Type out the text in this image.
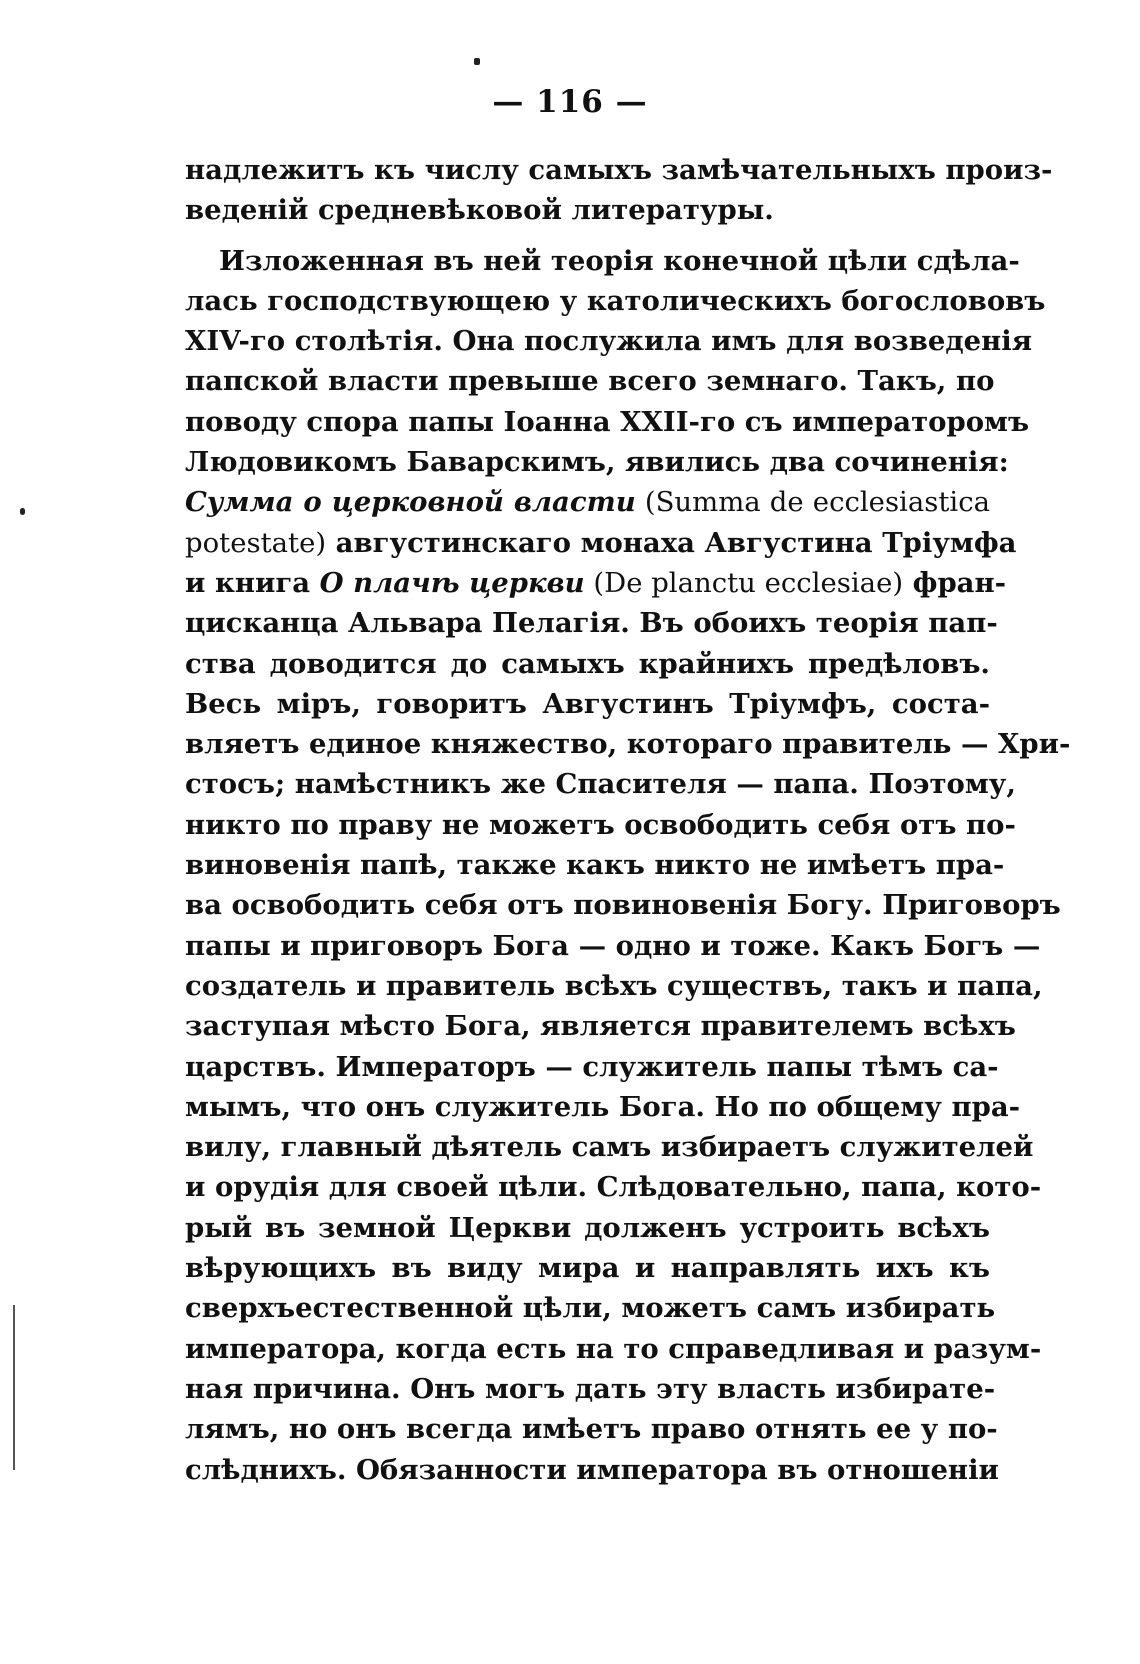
— 116 —
надлежитъ къ числу самыхъ замѣчательныхъ произ-
веденій средневѣковой литературы.
Изложенная въ ней теорія конечной цѣли сдѣла-
лась господствующею у католическихъ богослововъ
XIV-го столѣтія. Она послужила имъ для возведенія
папской власти превыше всего земнаго. Такъ, по
поводу спора папы Іоанна XXII-го съ императоромъ
Людовикомъ Баварскимъ, явились два сочиненія:
Сумма о церковной власти (Summa de ecclesiastica
potestate) августинскаго монаха Августина Тріумфа
и книга О плачѣ церкви (De planctu ecclesiae) фран-
цисканца Альвара Пелагія. Въ обоихъ теорія пап-
ства доводится до самыхъ крайнихъ предѣловъ.
Весь міръ, говоритъ Августинъ Тріумфъ, соста-
вляетъ единое княжество, котораго правитель — Хри-
стосъ; намѣстникъ же Спасителя — папа. Поэтому,
никто по праву не можетъ освободить себя отъ по-
виновенія папѣ, также какъ никто не имѣетъ пра-
ва освободить себя отъ повиновенія Богу. Приговоръ
папы и приговоръ Бога — одно и тоже. Какъ Богъ —
создатель и правитель всѣхъ существъ, такъ и папа,
заступая мѣсто Бога, является правителемъ всѣхъ
царствъ. Императоръ — служитель папы тѣмъ са-
мымъ, что онъ служитель Бога. Но по общему пра-
вилу, главный дѣятель самъ избираетъ служителей
и орудія для своей цѣли. Слѣдовательно, папа, кото-
рый въ земной Церкви долженъ устроить всѣхъ
вѣрующихъ въ виду мира и направлять ихъ къ
сверхъестественной цѣли, можетъ самъ избирать
императора, когда есть на то справедливая и разум-
ная причина. Онъ могъ дать эту власть избирате-
лямъ, но онъ всегда имѣетъ право отнять ее у по-
слѣднихъ. Обязанности императора въ отношеніи
